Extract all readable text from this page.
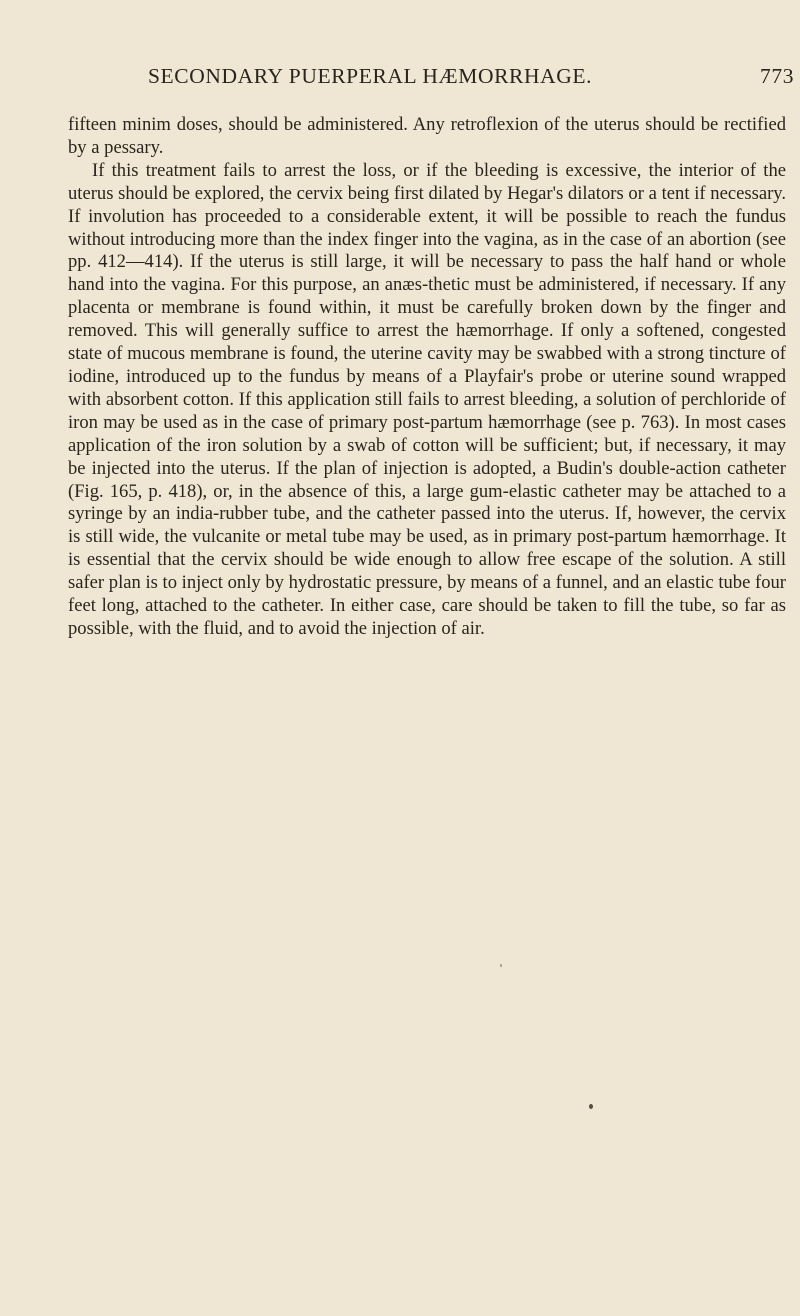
SECONDARY PUERPERAL HÆMORRHAGE.	773

fifteen minim doses, should be administered. Any retroflexion of the uterus should be rectified by a pessary.

If this treatment fails to arrest the loss, or if the bleeding is excessive, the interior of the uterus should be explored, the cervix being first dilated by Hegar's dilators or a tent if necessary. If involution has proceeded to a considerable extent, it will be possible to reach the fundus without introducing more than the index finger into the vagina, as in the case of an abortion (see pp. 412—414). If the uterus is still large, it will be necessary to pass the half hand or whole hand into the vagina. For this purpose, an anæs-thetic must be administered, if necessary. If any placenta or membrane is found within, it must be carefully broken down by the finger and removed. This will generally suffice to arrest the hæmorrhage. If only a softened, congested state of mucous membrane is found, the uterine cavity may be swabbed with a strong tincture of iodine, introduced up to the fundus by means of a Playfair's probe or uterine sound wrapped with absorbent cotton. If this application still fails to arrest bleeding, a solution of perchloride of iron may be used as in the case of primary post-partum hæmorrhage (see p. 763). In most cases application of the iron solution by a swab of cotton will be sufficient; but, if necessary, it may be injected into the uterus. If the plan of injection is adopted, a Budin's double-action catheter (Fig. 165, p. 418), or, in the absence of this, a large gum-elastic catheter may be attached to a syringe by an india-rubber tube, and the catheter passed into the uterus. If, however, the cervix is still wide, the vulcanite or metal tube may be used, as in primary post-partum hæmorrhage. It is essential that the cervix should be wide enough to allow free escape of the solution. A still safer plan is to inject only by hydrostatic pressure, by means of a funnel, and an elastic tube four feet long, attached to the catheter. In either case, care should be taken to fill the tube, so far as possible, with the fluid, and to avoid the injection of air.
